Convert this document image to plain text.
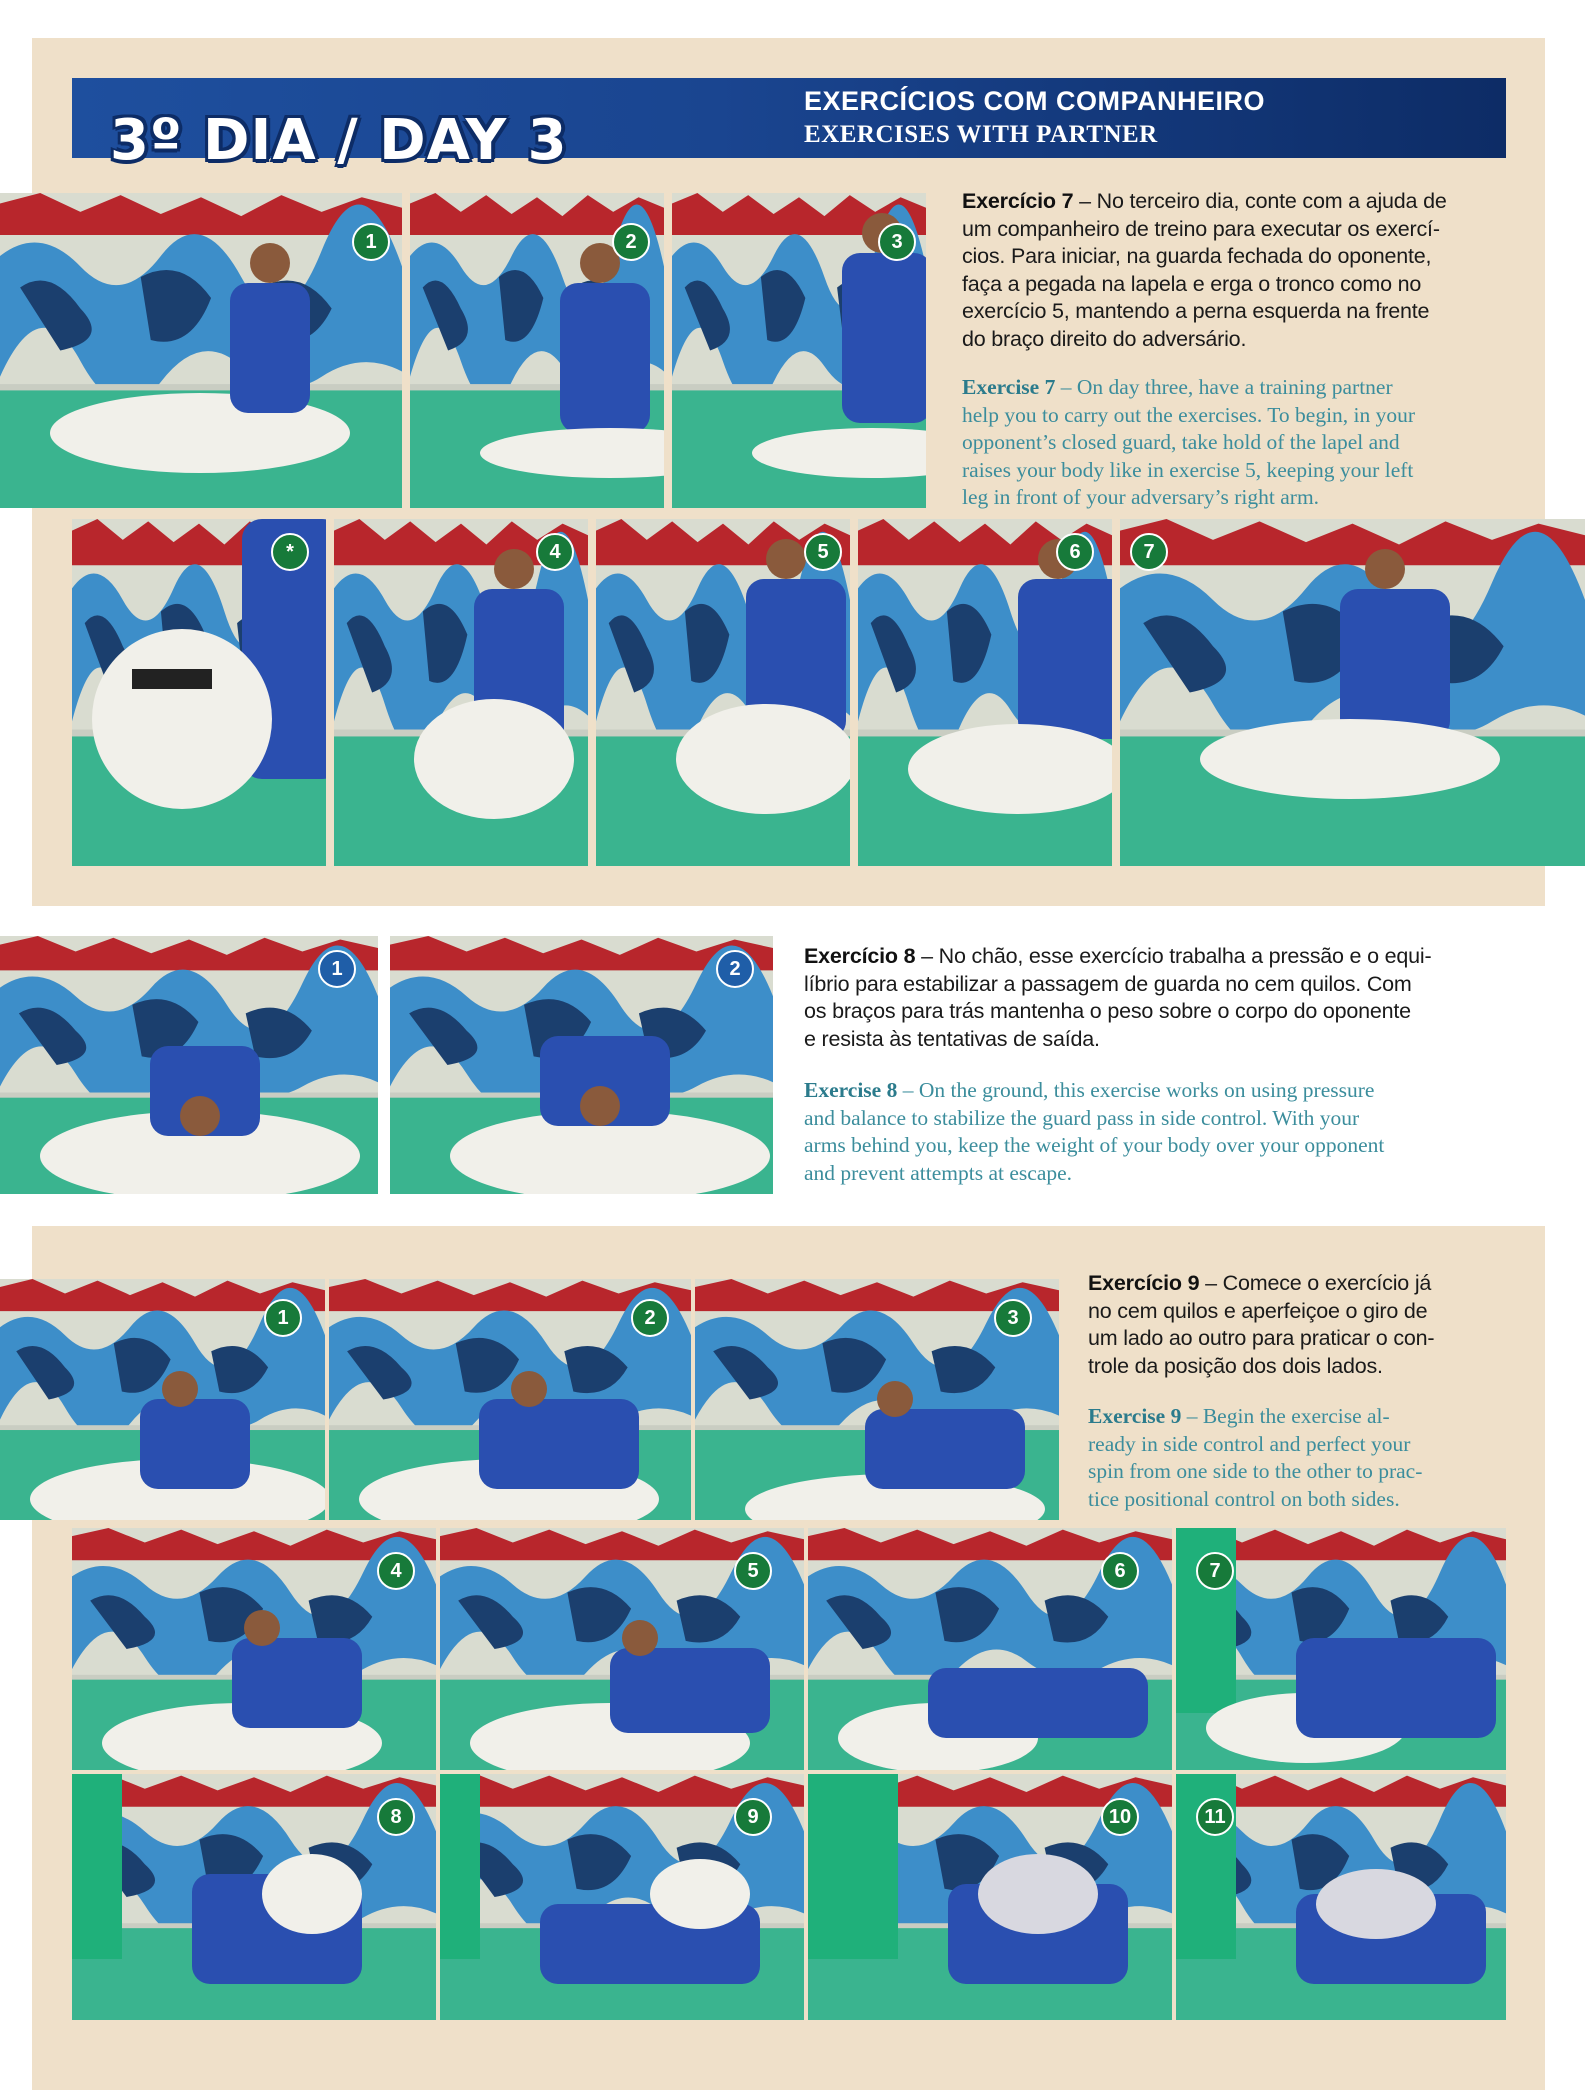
3º DIA / DAY 3
EXERCÍCIOS COM COMPANHEIRO
EXERCISES WITH PARTNER
1	2	3
Exercício 7 – No terceiro dia, conte com a ajuda de
um companheiro de treino para executar os exercí-
cios. Para iniciar, na guarda fechada do oponente,
faça a pegada na lapela e erga o tronco como no
exercício 5, mantendo a perna esquerda na frente
do braço direito do adversário.
Exercise 7 – On day three, have a training partner
help you to carry out the exercises. To begin, in your
opponent’s closed guard, take hold of the lapel and
raises your body like in exercise 5, keeping your left
leg in front of your adversary’s right arm.
*	4	5	6	7
1	2
Exercício 8 – No chão, esse exercício trabalha a pressão e o equi-
líbrio para estabilizar a passagem de guarda no cem quilos. Com
os braços para trás mantenha o peso sobre o corpo do oponente
e resista às tentativas de saída.
Exercise 8 – On the ground, this exercise works on using pressure
and balance to stabilize the guard pass in side control. With your
arms behind you, keep the weight of your body over your opponent
and prevent attempts at escape.
1	2	3
Exercício 9 – Comece o exercício já
no cem quilos e aperfeiçoe o giro de
um lado ao outro para praticar o con-
trole da posição dos dois lados.
Exercise 9 – Begin the exercise al-
ready in side control and perfect your
spin from one side to the other to prac-
tice positional control on both sides.
4	5	6	7
8	9	10	11
